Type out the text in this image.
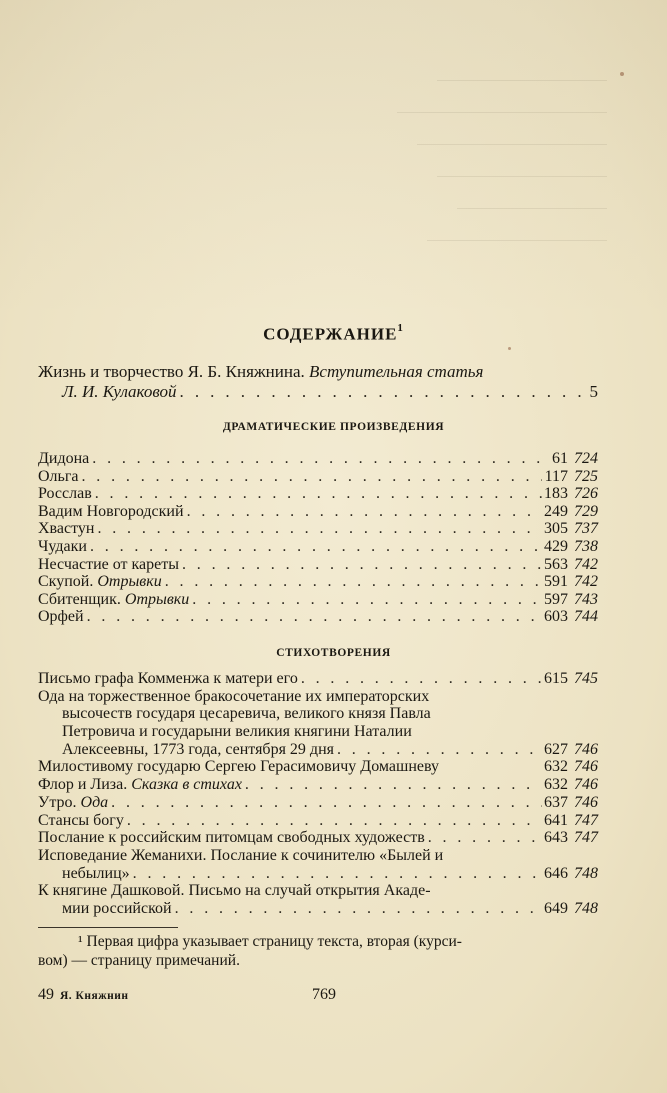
СОДЕРЖАНИЕ$^1$
Жизнь и творчество Я. Б. Княжнина. Вступительная статья
Л. И. Кулаковой . . .	5
ДРАМАТИЧЕСКИЕ ПРОИЗВЕДЕНИЯ
Дидона . . .	61 724
Ольга . . .	117 725
Росслав . . .	183 726
Вадим Новгородский . . .	249 729
Хвастун . . .	305 737
Чудаки . . .	429 738
Несчастие от кареты . . .	563 742
Скупой. Отрывки . . .	591 742
Сбитенщик. Отрывки . . .	597 743
Орфей . . .	603 744
СТИХОТВОРЕНИЯ
Письмо графа Комменжа к матери его . . .	615 745
Ода на торжественное бракосочетание их императорских
высочеств государя цесаревича, великого князя Павла
Петровича и государыни великия княгини Наталии
Алексеевны, 1773 года, сентября 29 дня . . .	627 746
Милостивому государю Сергею Герасимовичу Домашневу	632 746
Флор и Лиза. Сказка в стихах . . .	632 746
Утро. Ода . . .	637 746
Стансы богу . . .	641 747
Послание к российским питомцам свободных художеств . . .	643 747
Исповедание Жеманихи. Послание к сочинителю «Былей и
небылиц» . . .	646 748
К княгине Дашковой. Письмо на случай открытия Акаде-
мии российской . . .	649 748
¹ Первая цифра указывает страницу текста, вторая (курси-
вом) — страницу примечаний.
49 Я. Княжнин	769
